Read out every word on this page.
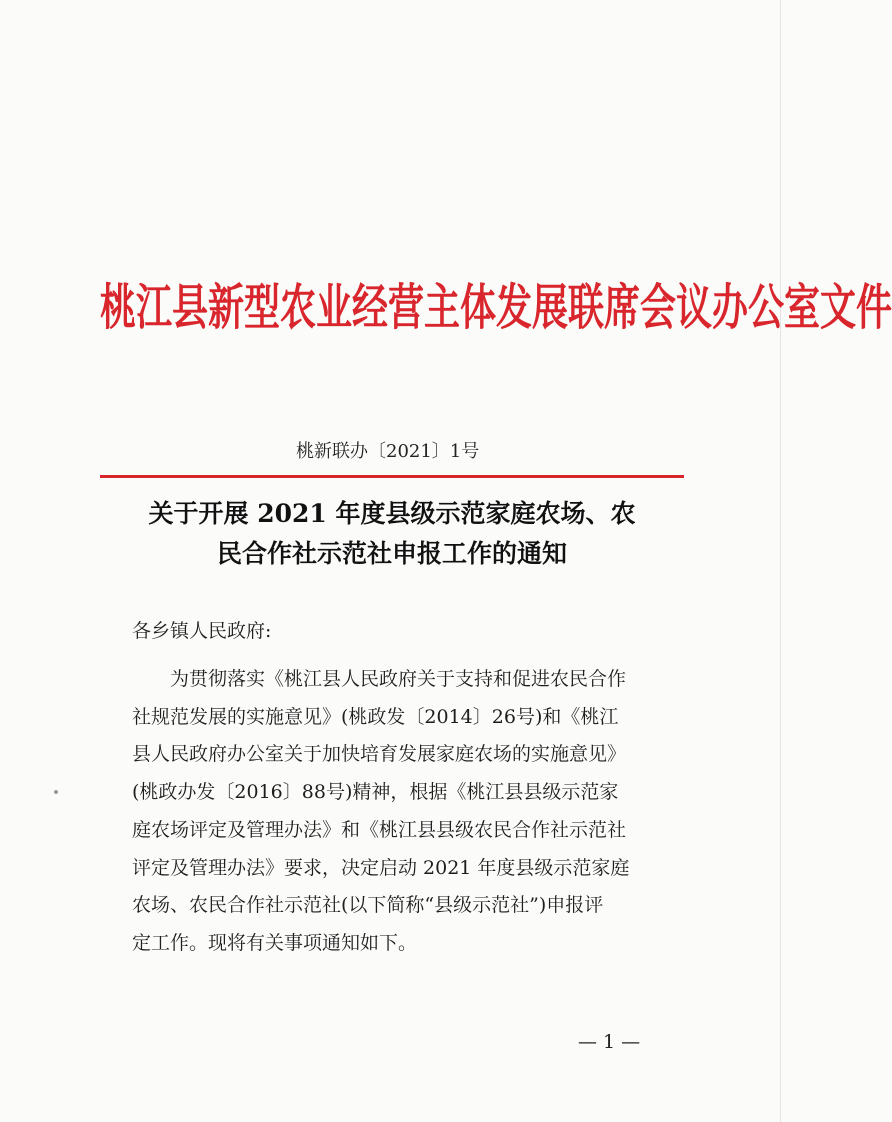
桃江县新型农业经营主体发展联席会议办公室文件
桃新联办〔2021〕1号
关于开展 2021 年度县级示范家庭农场、农
民合作社示范社申报工作的通知
各乡镇人民政府:
为贯彻落实《桃江县人民政府关于支持和促进农民合作
社规范发展的实施意见》(桃政发〔2014〕26号)和《桃江
县人民政府办公室关于加快培育发展家庭农场的实施意见》
(桃政办发〔2016〕88号)精神，根据《桃江县县级示范家
庭农场评定及管理办法》和《桃江县县级农民合作社示范社
评定及管理办法》要求，决定启动 2021 年度县级示范家庭
农场、农民合作社示范社(以下简称“县级示范社”)申报评
定工作。现将有关事项通知如下。
— 1 —
